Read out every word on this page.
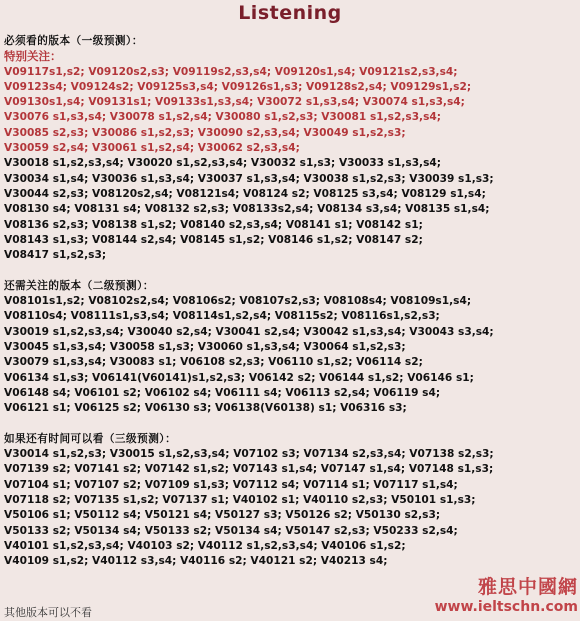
Listening
必须看的版本（一级预测）：
特别关注：
V09117s1,s2; V09120s2,s3; V09119s2,s3,s4; V09120s1,s4; V09121s2,s3,s4;
V09123s4; V09124s2; V09125s3,s4; V09126s1,s3; V09128s2,s4; V09129s1,s2;
V09130s1,s4; V09131s1; V09133s1,s3,s4; V30072 s1,s3,s4; V30074 s1,s3,s4;
V30076 s1,s3,s4; V30078 s1,s2,s4; V30080 s1,s2,s3; V30081 s1,s2,s3,s4;
V30085 s2,s3; V30086 s1,s2,s3; V30090 s2,s3,s4; V30049 s1,s2,s3;
V30059 s2,s4; V30061 s1,s2,s4; V30062 s2,s3,s4;
V30018 s1,s2,s3,s4; V30020 s1,s2,s3,s4; V30032 s1,s3; V30033 s1,s3,s4;
V30034 s1,s4; V30036 s1,s3,s4; V30037 s1,s3,s4; V30038 s1,s2,s3; V30039 s1,s3;
V30044 s2,s3; V08120s2,s4; V08121s4; V08124 s2; V08125 s3,s4; V08129 s1,s4;
V08130 s4; V08131 s4; V08132 s2,s3; V08133s2,s4; V08134 s3,s4; V08135 s1,s4;
V08136 s2,s3; V08138 s1,s2; V08140 s2,s3,s4; V08141 s1; V08142 s1;
V08143 s1,s3; V08144 s2,s4; V08145 s1,s2; V08146 s1,s2; V08147 s2;
V08417 s1,s2,s3;
还需关注的版本（二级预测）：
V08101s1,s2; V08102s2,s4; V08106s2; V08107s2,s3; V08108s4; V08109s1,s4;
V08110s4; V08111s1,s3,s4; V08114s1,s2,s4; V08115s2; V08116s1,s2,s3;
V30019 s1,s2,s3,s4; V30040 s2,s4; V30041 s2,s4; V30042 s1,s3,s4; V30043 s3,s4;
V30045 s1,s3,s4; V30058 s1,s3; V30060 s1,s3,s4; V30064 s1,s2,s3;
V30079 s1,s3,s4; V30083 s1; V06108 s2,s3; V06110 s1,s2; V06114 s2;
V06134 s1,s3; V06141(V60141)s1,s2,s3; V06142 s2; V06144 s1,s2; V06146 s1;
V06148 s4; V06101 s2; V06102 s4; V06111 s4; V06113 s2,s4; V06119 s4;
V06121 s1; V06125 s2; V06130 s3; V06138(V60138) s1; V06316 s3;
如果还有时间可以看（三级预测）：
V30014 s1,s2,s3; V30015 s1,s2,s3,s4; V07102 s3; V07134 s2,s3,s4; V07138 s2,s3;
V07139 s2; V07141 s2; V07142 s1,s2; V07143 s1,s4; V07147 s1,s4; V07148 s1,s3;
V07104 s1; V07107 s2; V07109 s1,s3; V07112 s4; V07114 s1; V07117 s1,s4;
V07118 s2; V07135 s1,s2; V07137 s1; V40102 s1; V40110 s2,s3; V50101 s1,s3;
V50106 s1; V50112 s4; V50121 s4; V50127 s3; V50126 s2; V50130 s2,s3;
V50133 s2; V50134 s4; V50133 s2; V50134 s4; V50147 s2,s3; V50233 s2,s4;
V40101 s1,s2,s3,s4; V40103 s2; V40112 s1,s2,s3,s4; V40106 s1,s2;
V40109 s1,s2; V40112 s3,s4; V40116 s2; V40121 s2; V40213 s4;
其他版本可以不看
雅思中國網
www.ieltschn.com
